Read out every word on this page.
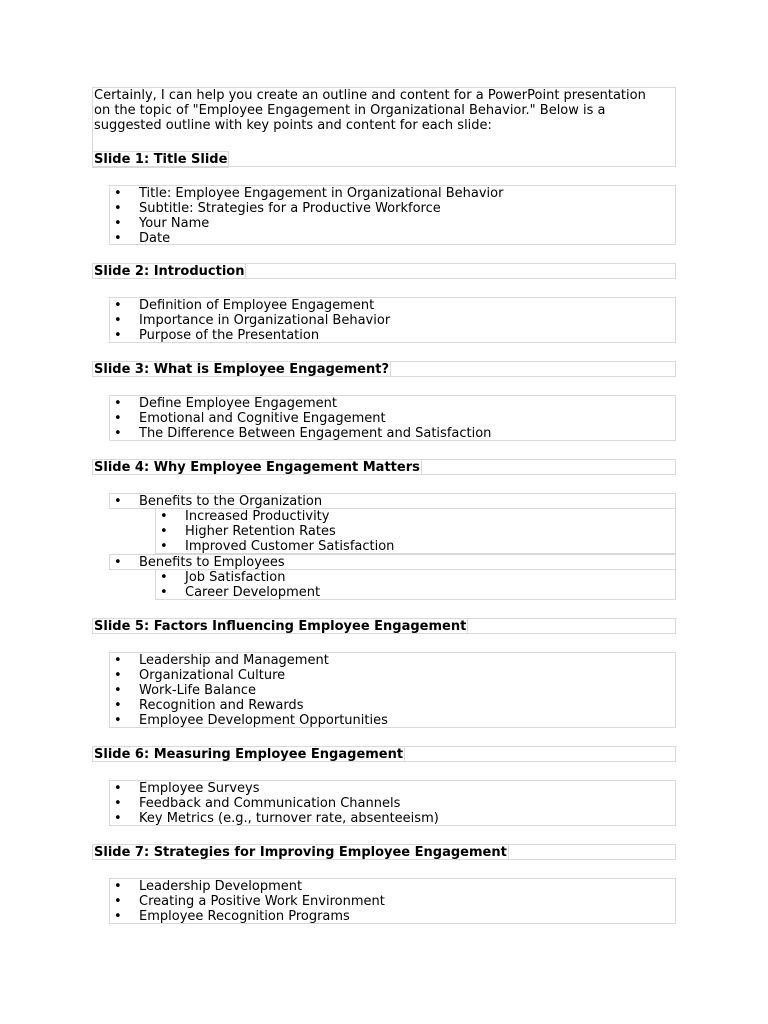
Certainly, I can help you create an outline and content for a PowerPoint presentation

on the topic of "Employee Engagement in Organizational Behavior." Below is a

suggested outline with key points and content for each slide:

Slide 1: Title Slide
• Title: Employee Engagement in Organizational Behavior
• Subtitle: Strategies for a Productive Workforce
• Your Name
• Date
Slide 2: Introduction
• Definition of Employee Engagement
• Importance in Organizational Behavior
• Purpose of the Presentation
Slide 3: What is Employee Engagement?
• Define Employee Engagement
• Emotional and Cognitive Engagement
• The Difference Between Engagement and Satisfaction
Slide 4: Why Employee Engagement Matters
• Benefits to the Organization
• Increased Productivity
• Higher Retention Rates
• Improved Customer Satisfaction
• Benefits to Employees
• Job Satisfaction
• Career Development
Slide 5: Factors Influencing Employee Engagement
• Leadership and Management
• Organizational Culture
• Work-Life Balance
• Recognition and Rewards
• Employee Development Opportunities
Slide 6: Measuring Employee Engagement
• Employee Surveys
• Feedback and Communication Channels
• Key Metrics (e.g., turnover rate, absenteeism)
Slide 7: Strategies for Improving Employee Engagement
• Leadership Development
• Creating a Positive Work Environment
• Employee Recognition Programs
